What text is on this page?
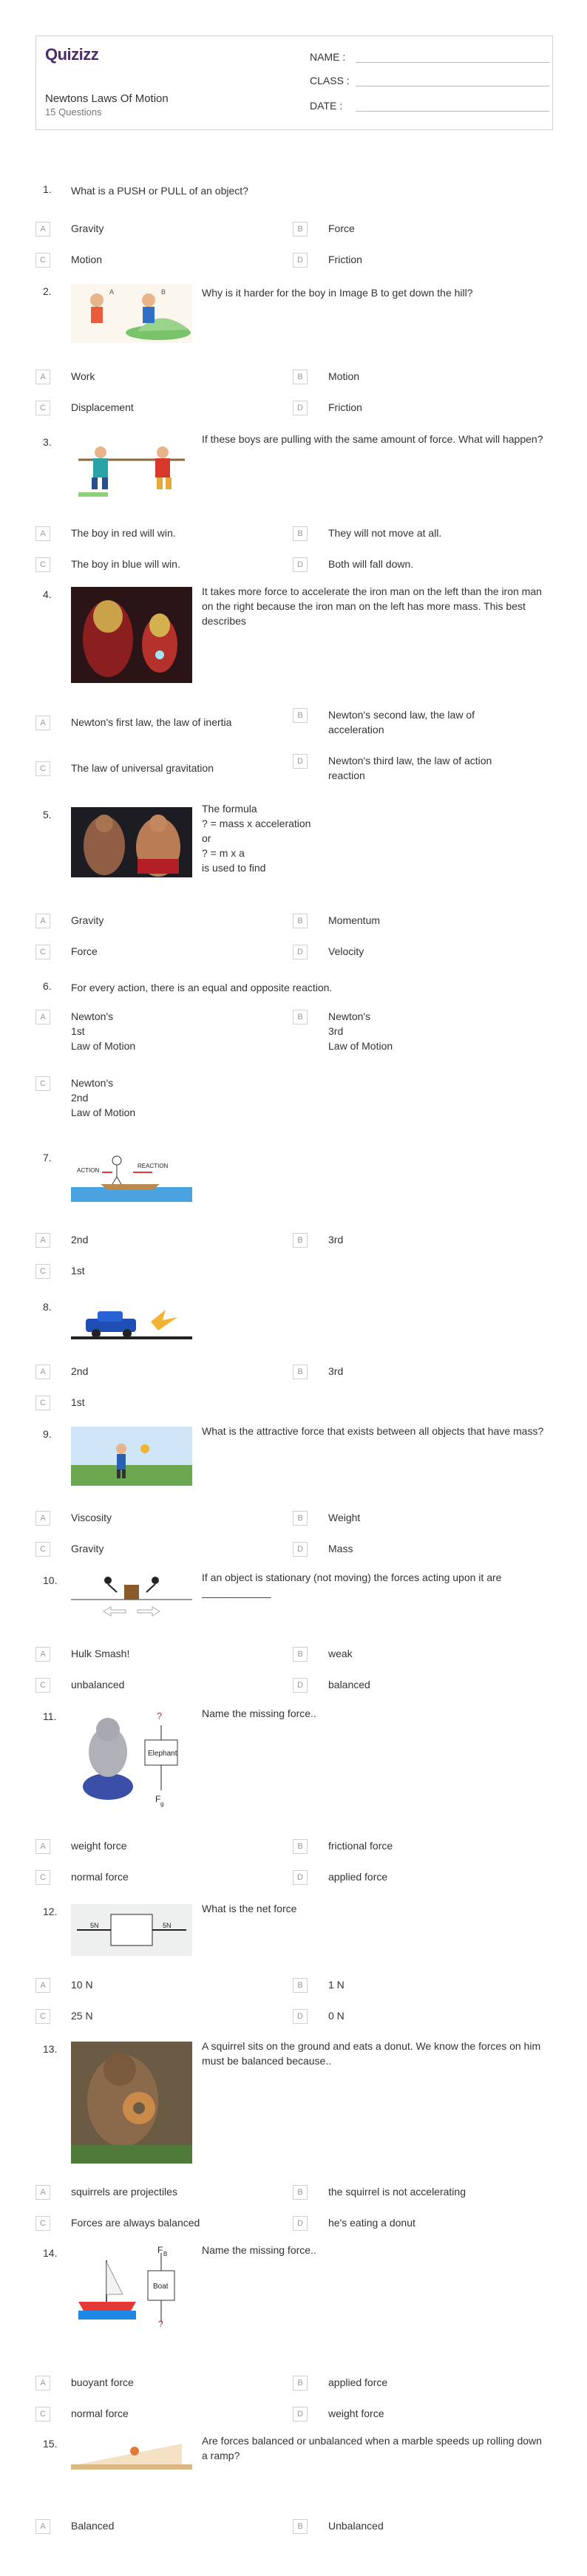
Quizizz
Newtons Laws Of Motion
15 Questions
NAME :
CLASS :
DATE :
1. What is a PUSH or PULL of an object?
A	Gravity	B	Force
C	Motion	D	Friction
2.	A	B	Why is it harder for the boy in Image B to get down the hill?
A	Work	B	Motion
C	Displacement	D	Friction
3.	If these boys are pulling with the same amount of force. What will happen?
A	The boy in red will win.	B	They will not move at all.
C	The boy in blue will win.	D	Both will fall down.
4.	It takes more force to accelerate the iron man on the left than the iron man on the right because the iron man on the left has more mass. This best describes
A	Newton's first law, the law of inertia
B	Newton's second law, the law of acceleration
C	The law of universal gravitation
D	Newton's third law, the law of action reaction
5.	The formula
? = mass x acceleration
or
? = m x a
is used to find
A	Gravity	B	Momentum
C	Force	D	Velocity
6. For every action, there is an equal and opposite reaction.
A	Newton's
1st
Law of Motion
B	Newton's
3rd
Law of Motion
C	Newton's
2nd
Law of Motion
7.
ACTION
REACTION
A	2nd	B	3rd
C	1st
8.
A	2nd	B	3rd
C	1st
9.	What is the attractive force that exists between all objects that have mass?
A	Viscosity	B	Weight
C	Gravity	D	Mass
10.	If an object is stationary (not moving) the forces acting upon it are ____________
A	Hulk Smash!	B	weak
C	unbalanced	D	balanced
11.
Elephant
?
F g
Name the missing force..
A	weight force	B	frictional force
C	normal force	D	applied force
12.
5N	5N
What is the net force
A	10 N	B	1 N
C	25 N	D	0 N
13.	A squirrel sits on the ground and eats a donut. We know the forces on him must be balanced because..
A	squirrels are projectiles	B	the squirrel is not accelerating
C	Forces are always balanced	D	he's eating a donut
14.
Boat
F B
?
Name the missing force..
A	buoyant force	B	applied force
C	normal force	D	weight force
15.	Are forces balanced or unbalanced when a marble speeds up rolling down a ramp?
A	Balanced	B	Unbalanced
